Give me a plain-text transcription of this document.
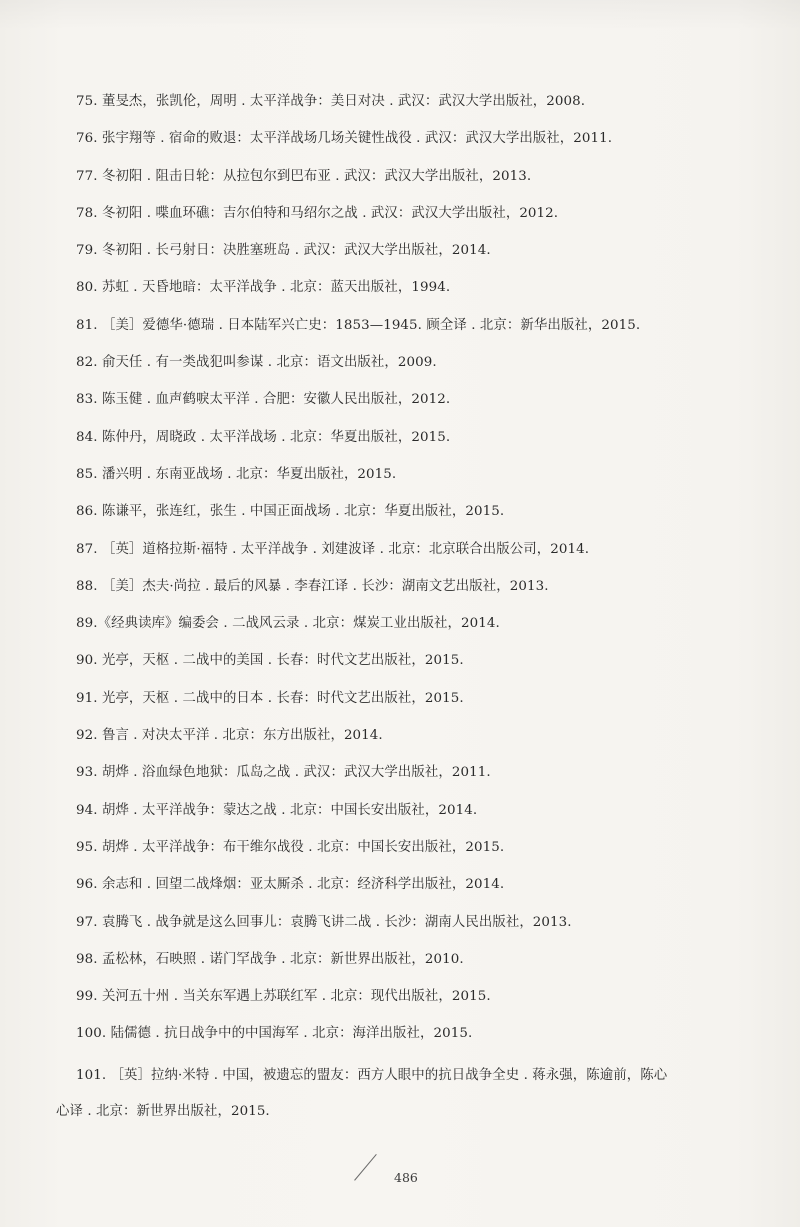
75. 董旻杰，张凯伦，周明 . 太平洋战争：美日对决 . 武汉：武汉大学出版社，2008.
76. 张宇翔等 . 宿命的败退：太平洋战场几场关键性战役 . 武汉：武汉大学出版社，2011.
77. 冬初阳 . 阻击日轮：从拉包尔到巴布亚 . 武汉：武汉大学出版社，2013.
78. 冬初阳 . 喋血环礁：吉尔伯特和马绍尔之战 . 武汉：武汉大学出版社，2012.
79. 冬初阳 . 长弓射日：决胜塞班岛 . 武汉：武汉大学出版社，2014.
80. 苏虹 . 天昏地暗：太平洋战争 . 北京：蓝天出版社，1994.
81. ［美］爱德华·德瑞 . 日本陆军兴亡史：1853—1945. 顾全译 . 北京：新华出版社，2015.
82. 俞天任 . 有一类战犯叫参谋 . 北京：语文出版社，2009.
83. 陈玉健 . 血声鹤唳太平洋 . 合肥：安徽人民出版社，2012.
84. 陈仲丹，周晓政 . 太平洋战场 . 北京：华夏出版社，2015.
85. 潘兴明 . 东南亚战场 . 北京：华夏出版社，2015.
86. 陈谦平，张连红，张生 . 中国正面战场 . 北京：华夏出版社，2015.
87. ［英］道格拉斯·福特 . 太平洋战争 . 刘建波译 . 北京：北京联合出版公司，2014.
88. ［美］杰夫·尚拉 . 最后的风暴 . 李春江译 . 长沙：湖南文艺出版社，2013.
89.《经典读库》编委会 . 二战风云录 . 北京：煤炭工业出版社，2014.
90. 光亭，天枢 . 二战中的美国 . 长春：时代文艺出版社，2015.
91. 光亭，天枢 . 二战中的日本 . 长春：时代文艺出版社，2015.
92. 鲁言 . 对决太平洋 . 北京：东方出版社，2014.
93. 胡烨 . 浴血绿色地狱：瓜岛之战 . 武汉：武汉大学出版社，2011.
94. 胡烨 . 太平洋战争：蒙达之战 . 北京：中国长安出版社，2014.
95. 胡烨 . 太平洋战争：布干维尔战役 . 北京：中国长安出版社，2015.
96. 余志和 . 回望二战烽烟：亚太厮杀 . 北京：经济科学出版社，2014.
97. 袁腾飞 . 战争就是这么回事儿：袁腾飞讲二战 . 长沙：湖南人民出版社，2013.
98. 孟松林，石映照 . 诺门罕战争 . 北京：新世界出版社，2010.
99. 关河五十州 . 当关东军遇上苏联红军 . 北京：现代出版社，2015.
100. 陆儒德 . 抗日战争中的中国海军 . 北京：海洋出版社，2015.
101. ［英］拉纳·米特 . 中国，被遗忘的盟友：西方人眼中的抗日战争全史 . 蒋永强，陈逾前，陈心
心译 . 北京：新世界出版社，2015.
486
